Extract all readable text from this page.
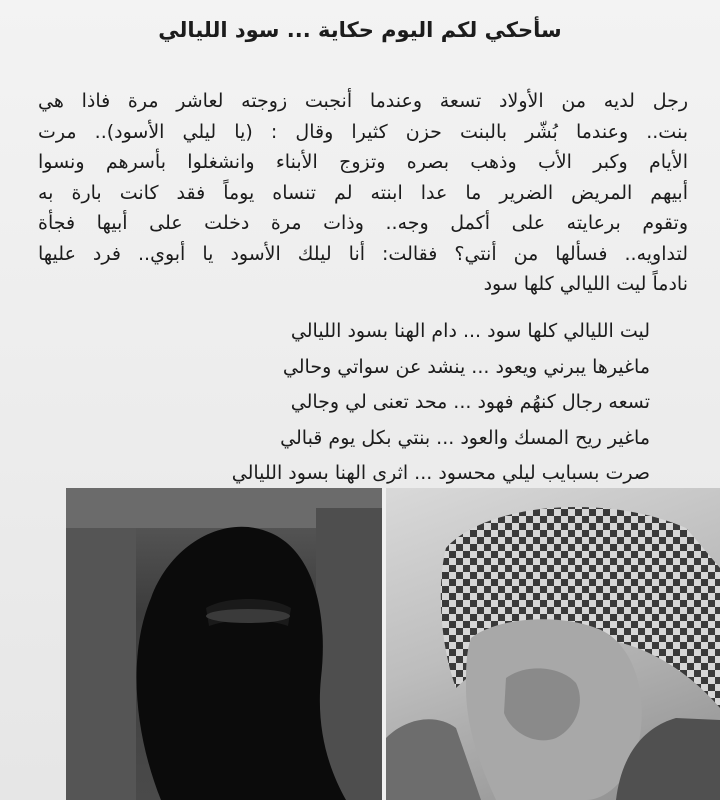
سأحكي لكم اليوم حكاية ... سود الليالي
رجل لديه من الأولاد تسعة وعندما أنجبت زوجته لعاشر مرة فاذا هي
بنت.. وعندما بُشّر بالبنت حزن كثيرا وقال : (يا ليلي الأسود).. مرت
الأيام وكبر الأب وذهب بصره وتزوج الأبناء وانشغلوا بأسرهم ونسوا
أبيهم المريض الضرير ما عدا ابنته لم تنساه يوماً فقد كانت بارة به
وتقوم برعايته على أكمل وجه.. وذات مرة دخلت على أبيها فجأة
لتداويه.. فسألها من أنتي؟ فقالت: أنا ليلك الأسود يا أبوي.. فرد عليها
نادماً ليت الليالي كلها سود
ليت الليالي كلها سود ... دام الهنا بسود الليالي
ماغيرها يبرني ويعود ... ينشد عن سواتي وحالي
تسعه رجال كنهُم فهود ... محد تعنى لي وجالي
ماغير ريح المسك والعود ... بنتي بكل يوم قبالي
صرت بسبايب ليلي محسود ... اثرى الهنا بسود الليالي
